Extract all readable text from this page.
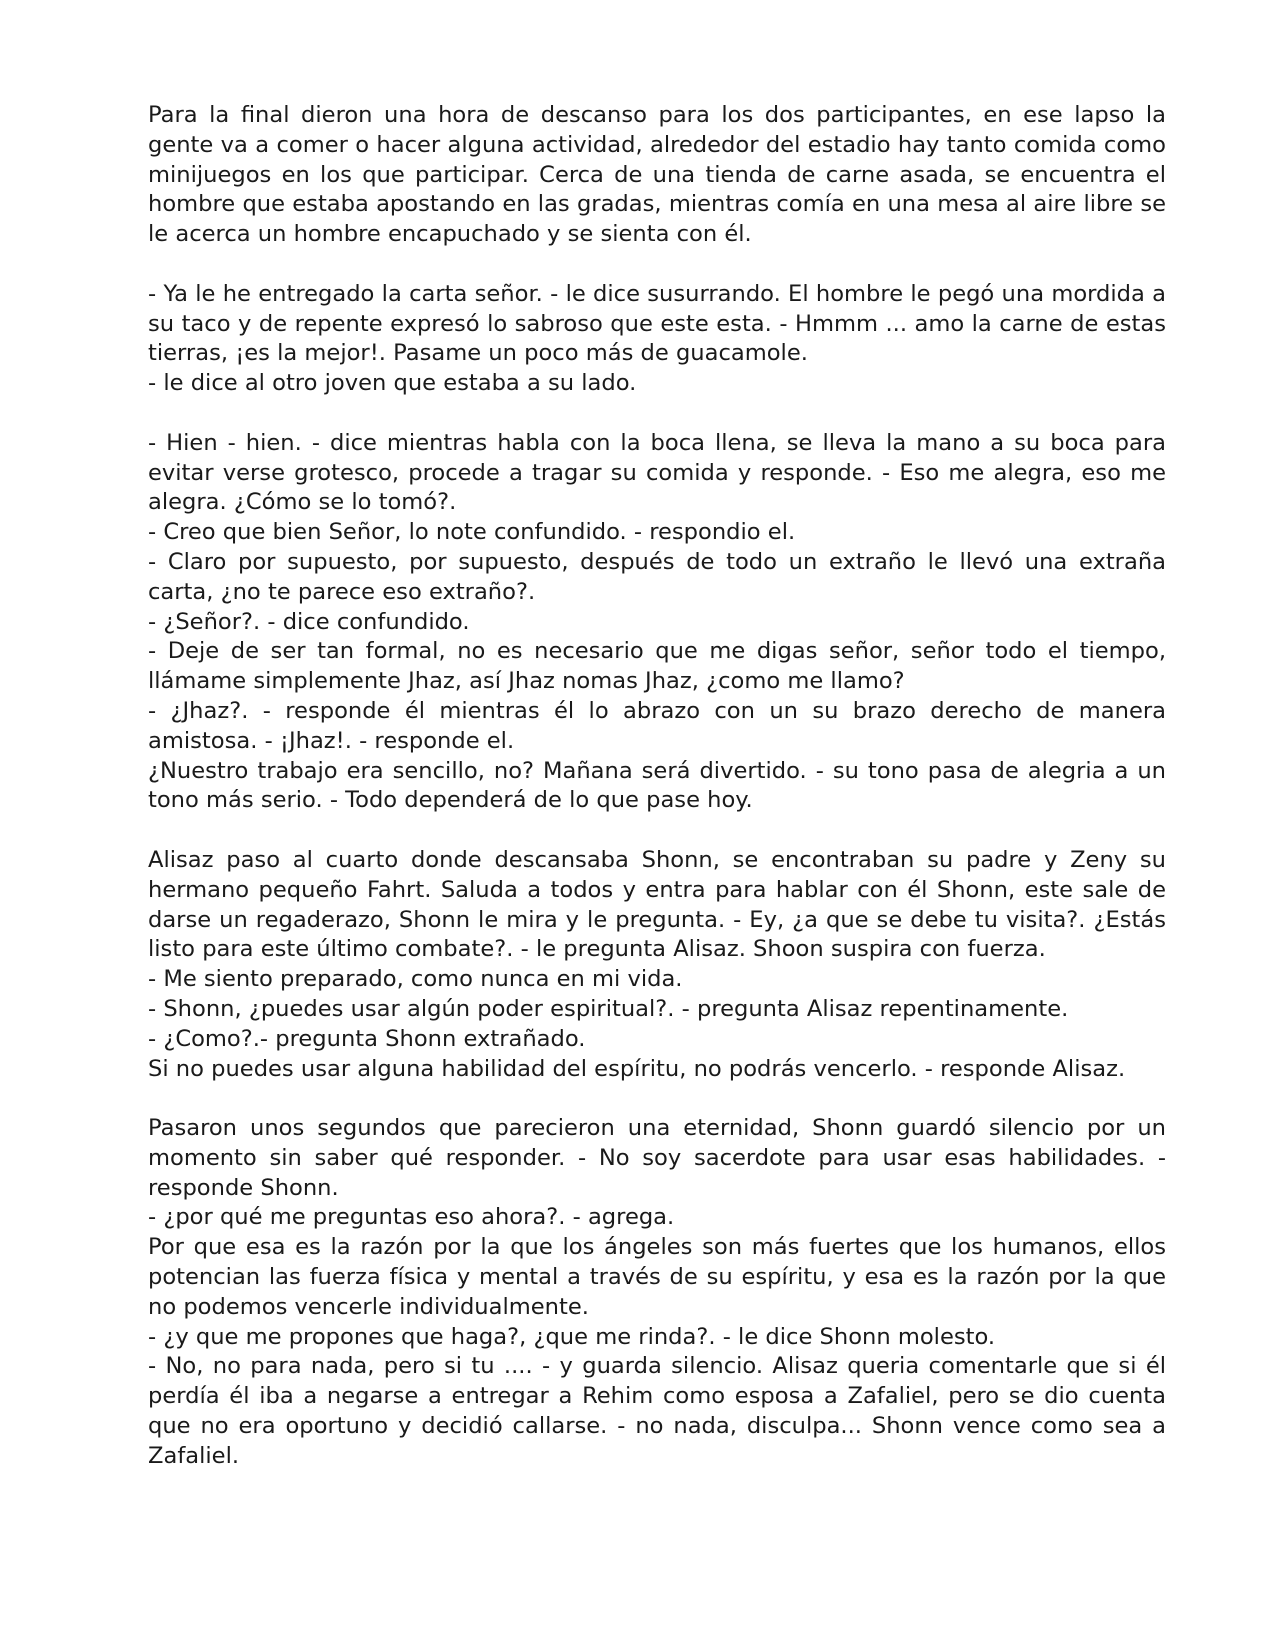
Para la final dieron una hora de descanso para los dos participantes, en ese lapso la gente va a comer o hacer alguna actividad, alrededor del estadio hay tanto comida como minijuegos en los que participar. Cerca de una tienda de carne asada, se encuentra el hombre que estaba apostando en las gradas, mientras comía en una mesa al aire libre se le acerca un hombre encapuchado y se sienta con él.

- Ya le he entregado la carta señor. - le dice susurrando. El hombre le pegó una mordida a su taco y de repente expresó lo sabroso que este esta. - Hmmm ... amo la carne de estas tierras, ¡es la mejor!. Pasame un poco más de guacamole.

- le dice al otro joven que estaba a su lado.

- Hien - hien. - dice mientras habla con la boca llena, se lleva la mano a su boca para evitar verse grotesco, procede a tragar su comida y responde. - Eso me alegra, eso me alegra. ¿Cómo se lo tomó?.

- Creo que bien Señor, lo note confundido. - respondio el.

- Claro por supuesto, por supuesto, después de todo un extraño le llevó una extraña carta, ¿no te parece eso extraño?.

- ¿Señor?. - dice confundido.

- Deje de ser tan formal, no es necesario que me digas señor, señor todo el tiempo, llámame simplemente Jhaz, así Jhaz nomas Jhaz, ¿como me llamo?

- ¿Jhaz?. - responde él mientras él lo abrazo con un su brazo derecho de manera amistosa. - ¡Jhaz!. - responde el.

¿Nuestro trabajo era sencillo, no? Mañana será divertido. - su tono pasa de alegria a un tono más serio. - Todo dependerá de lo que pase hoy.

Alisaz paso al cuarto donde descansaba Shonn, se encontraban su padre y Zeny su hermano pequeño Fahrt. Saluda a todos y entra para hablar con él Shonn, este sale de darse un regaderazo, Shonn le mira y le pregunta. - Ey, ¿a que se debe tu visita?. ¿Estás listo para este último combate?. - le pregunta Alisaz. Shoon suspira con fuerza.

- Me siento preparado, como nunca en mi vida.

- Shonn, ¿puedes usar algún poder espiritual?. - pregunta Alisaz repentinamente.

- ¿Como?.- pregunta Shonn extrañado.

Si no puedes usar alguna habilidad del espíritu, no podrás vencerlo. - responde Alisaz.

Pasaron unos segundos que parecieron una eternidad, Shonn guardó silencio por un momento sin saber qué responder. - No soy sacerdote para usar esas habilidades. - responde Shonn.

- ¿por qué me preguntas eso ahora?. - agrega.

Por que esa es la razón por la que los ángeles son más fuertes que los humanos, ellos potencian las fuerza física y mental a través de su espíritu, y esa es la razón por la que no podemos vencerle individualmente.

- ¿y que me propones que haga?, ¿que me rinda?. - le dice Shonn molesto.

- No, no para nada, pero si tu .... - y guarda silencio. Alisaz queria comentarle que si él perdía él iba a negarse a entregar a Rehim como esposa a Zafaliel, pero se dio cuenta que no era oportuno y decidió callarse. - no nada, disculpa... Shonn vence como sea a Zafaliel.
